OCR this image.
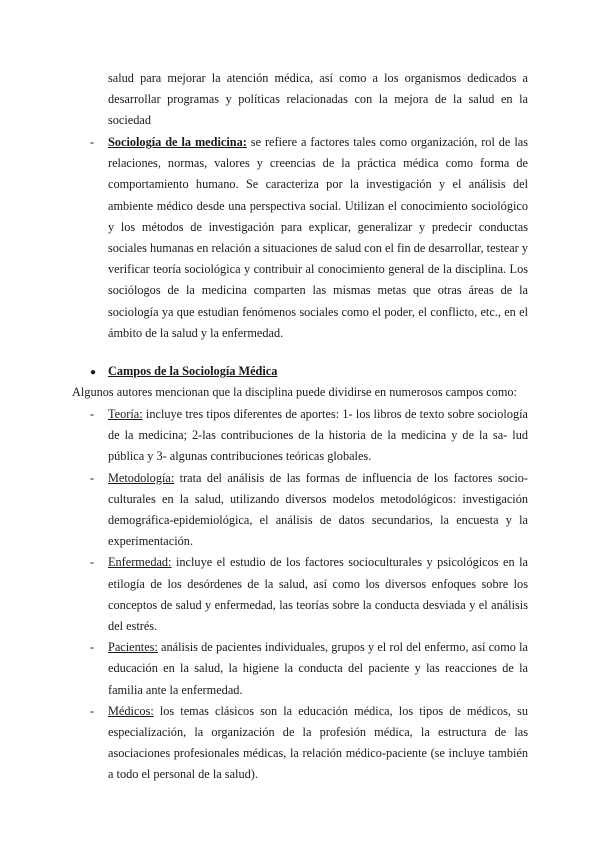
salud para mejorar la atención médica, así como a los organismos dedicados a

desarrollar programas y políticas relacionadas con la mejora de la salud en la sociedad

- Sociología de la medicina: se refiere a factores tales como organización, rol de las relaciones, normas, valores y creencias de la práctica médica como forma de comportamiento humano. Se caracteriza por la investigación y el análisis del ambiente médico desde una perspectiva social. Utilizan el conocimiento sociológico y los métodos de investigación para explicar, generalizar y predecir conductas sociales humanas en relación a situaciones de salud con el fin de desarrollar, testear y verificar teoría sociológica y contribuir al conocimiento general de la disciplina. Los sociólogos de la medicina comparten las mismas metas que otras áreas de la sociología ya que estudian fenómenos sociales como el poder, el conflicto, etc., en el ámbito de la salud y la enfermedad.
● Campos de la Sociología Médica
Algunos autores mencionan que la disciplina puede dividirse en numerosos campos como:
- Teoría: incluye tres tipos diferentes de aportes: 1- los libros de texto sobre sociología de la medicina; 2-las contribuciones de la historia de la medicina y de la sa- lud pública y 3- algunas contribuciones teóricas globales.
- Metodología: trata del análisis de las formas de influencia de los factores socio-culturales en la salud, utilizando diversos modelos metodológicos: investigación demográfica-epidemiológica, el análisis de datos secundarios, la encuesta y la experimentación.
- Enfermedad: incluye el estudio de los factores socioculturales y psicológicos en la etilogía de los desórdenes de la salud, así como los diversos enfoques sobre los conceptos de salud y enfermedad, las teorías sobre la conducta desviada y el análisis del estrés.
- Pacientes: análisis de pacientes individuales, grupos y el rol del enfermo, así como la educación en la salud, la higiene la conducta del paciente y las reacciones de la familia ante la enfermedad.
- Médicos: los temas clásicos son la educación médica, los tipos de médicos, su especialización, la organización de la profesión médica, la estructura de las asociaciones profesionales médicas, la relación médico-paciente (se incluye también a todo el personal de la salud).
